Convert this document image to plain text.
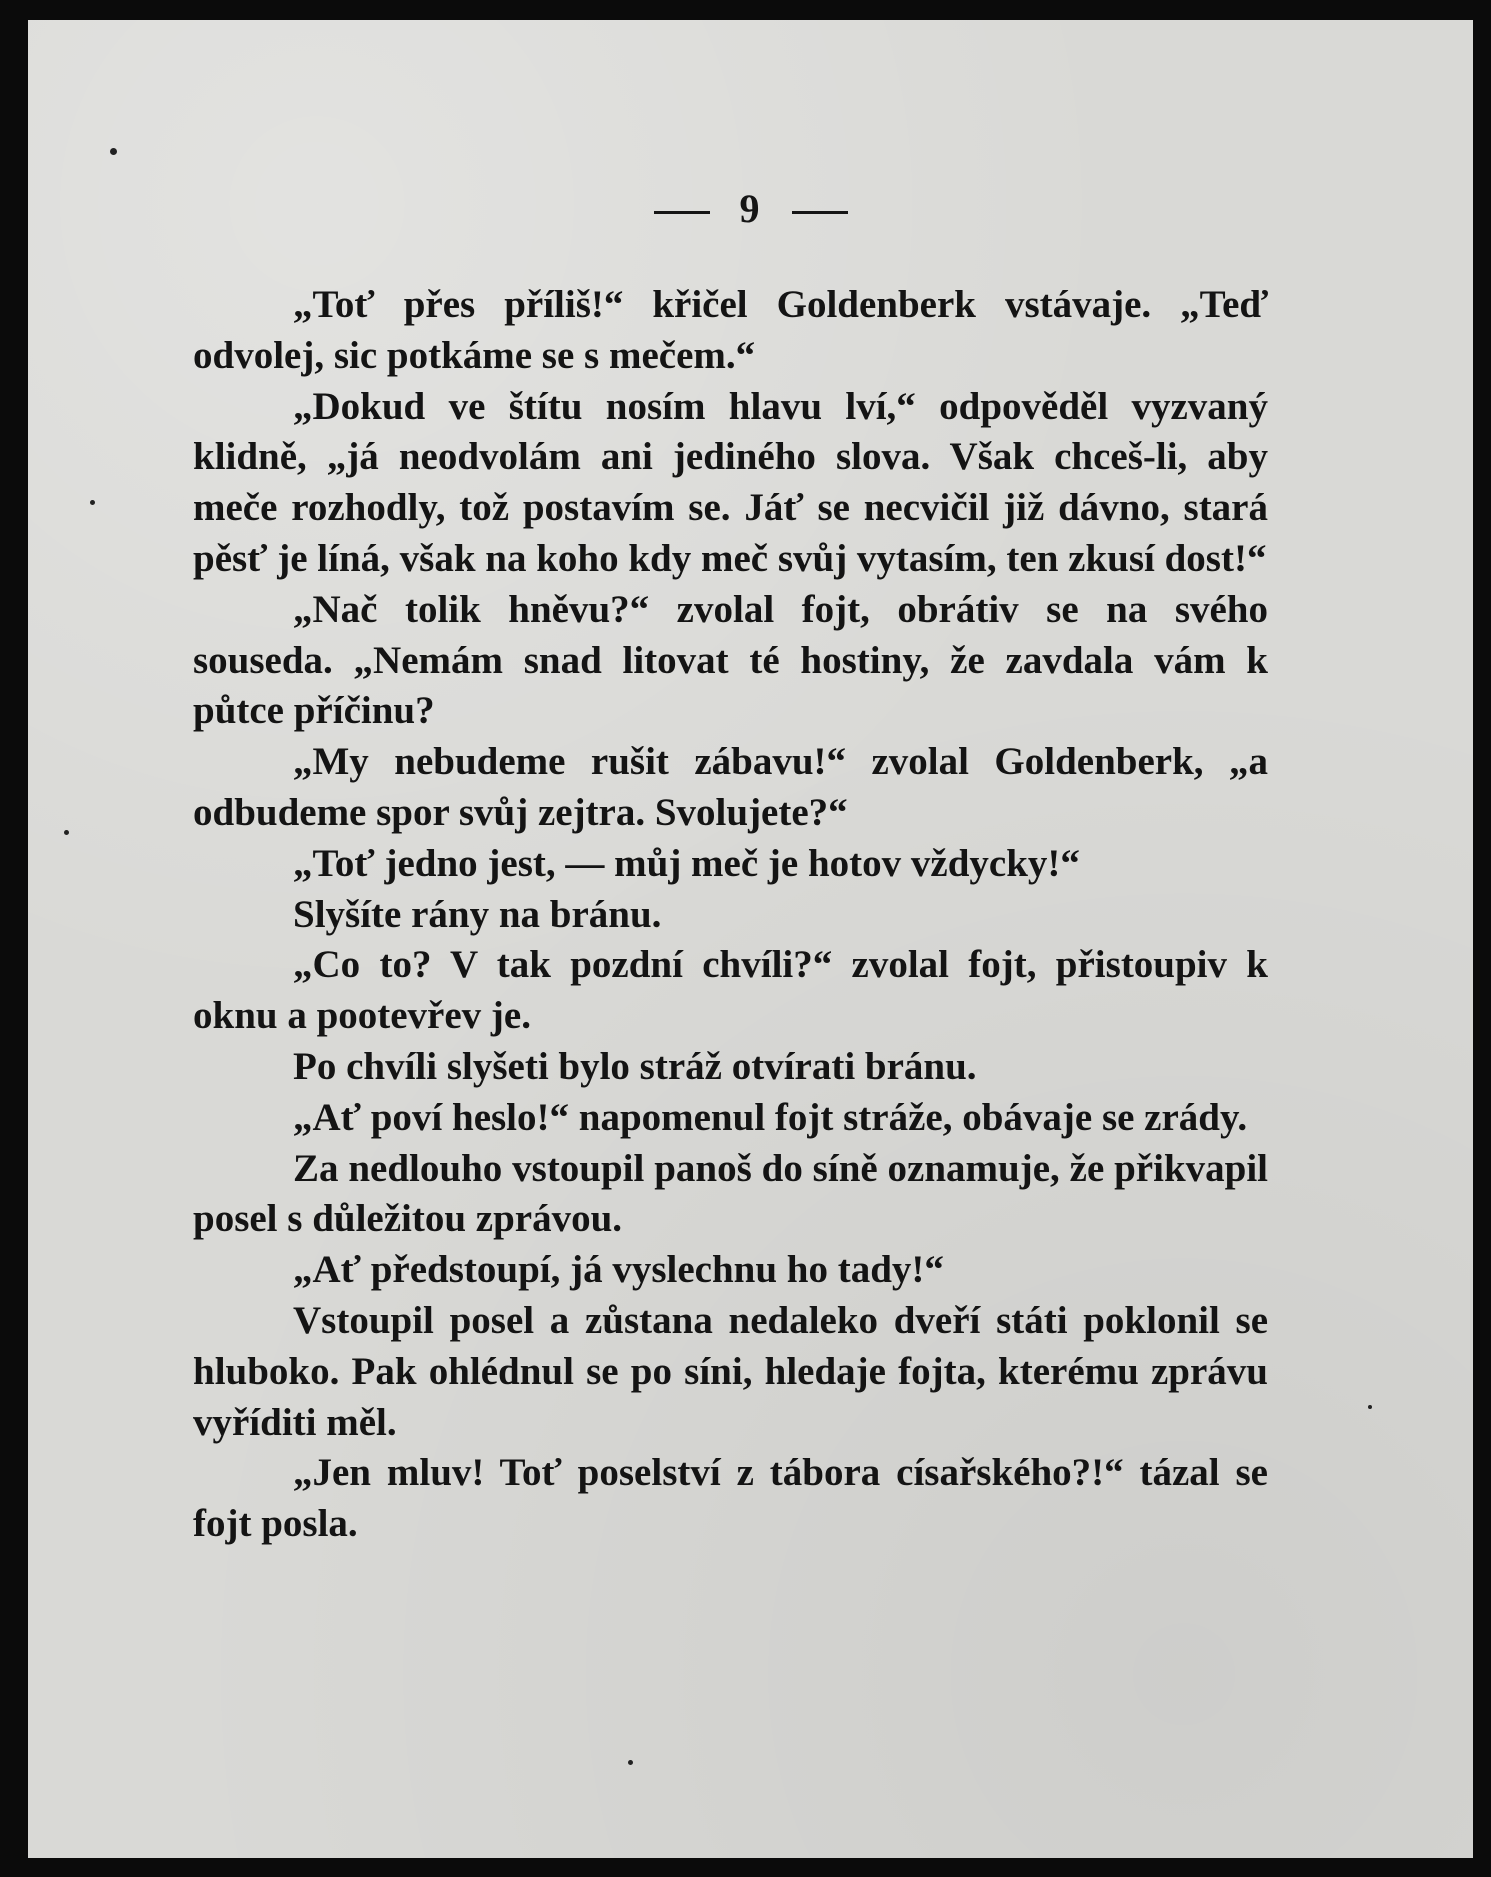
9

„Toť přes příliš!“ křičel Goldenberk vstávaje. „Teď odvolej, sic potkáme se s mečem.“

„Dokud ve štítu nosím hlavu lví,“ odpověděl vyzvaný klidně, „já neodvolám ani jediného slova. Však chceš-li, aby meče rozhodly, tož postavím se. Jáť se necvičil již dávno, stará pěsť je líná, však na koho kdy meč svůj vytasím, ten zkusí dost!“

„Nač tolik hněvu?“ zvolal fojt, obrátiv se na svého souseda. „Nemám snad litovat té hostiny, že zavdala vám k půtce příčinu?

„My nebudeme rušit zábavu!“ zvolal Goldenberk, „a odbudeme spor svůj zejtra. Svolujete?“

„Toť jedno jest, — můj meč je hotov vždycky!“

Slyšíte rány na bránu.

„Co to? V tak pozdní chvíli?“ zvolal fojt, přistoupiv k oknu a pootevřev je.

Po chvíli slyšeti bylo stráž otvírati bránu.

„Ať poví heslo!“ napomenul fojt stráže, obávaje se zrády.

Za nedlouho vstoupil panoš do síně oznamuje, že přikvapil posel s důležitou zprávou.

„Ať předstoupí, já vyslechnu ho tady!“

Vstoupil posel a zůstana nedaleko dveří státi poklonil se hluboko. Pak ohlédnul se po síni, hledaje fojta, kterému zprávu vyříditi měl.

„Jen mluv! Toť poselství z tábora císařského?!“ tázal se fojt posla.
